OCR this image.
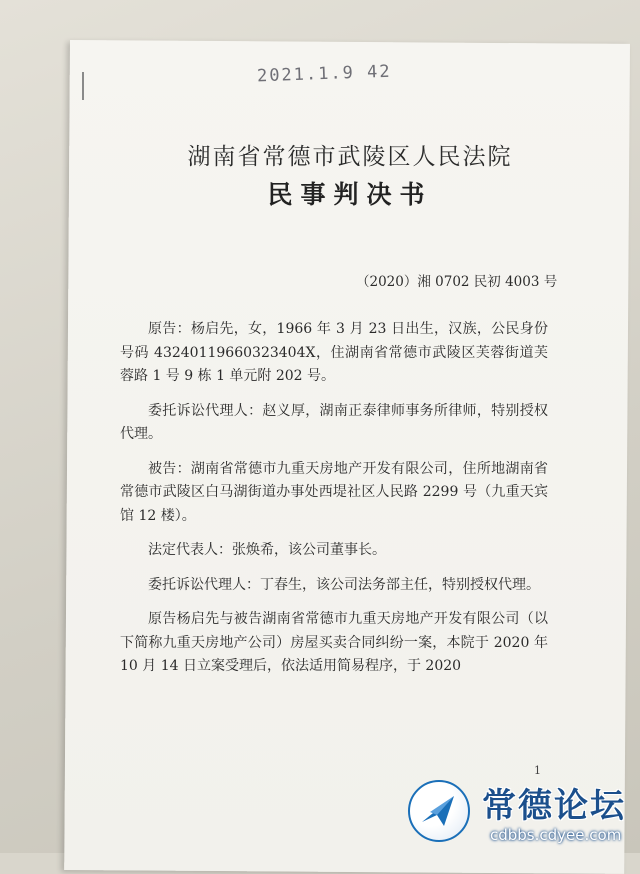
2021.1.9 42
湖南省常德市武陵区人民法院
民事判决书
（2020）湘 0702 民初 4003 号

原告：杨启先，女，1966 年 3 月 23 日出生，汉族，公民身份号码 43240119660323404X，住湖南省常德市武陵区芙蓉街道芙蓉路 1 号 9 栋 1 单元附 202 号。

委托诉讼代理人：赵义厚，湖南正泰律师事务所律师，特别授权代理。

被告：湖南省常德市九重天房地产开发有限公司，住所地湖南省常德市武陵区白马湖街道办事处西堤社区人民路 2299 号（九重天宾馆 12 楼）。

法定代表人：张焕希，该公司董事长。

委托诉讼代理人：丁春生，该公司法务部主任，特别授权代理。

原告杨启先与被告湖南省常德市九重天房地产开发有限公司（以下简称九重天房地产公司）房屋买卖合同纠纷一案，本院于 2020 年 10 月 14 日立案受理后，依法适用简易程序，于 2020

1
常德论坛
cdbbs.cdyee.com
